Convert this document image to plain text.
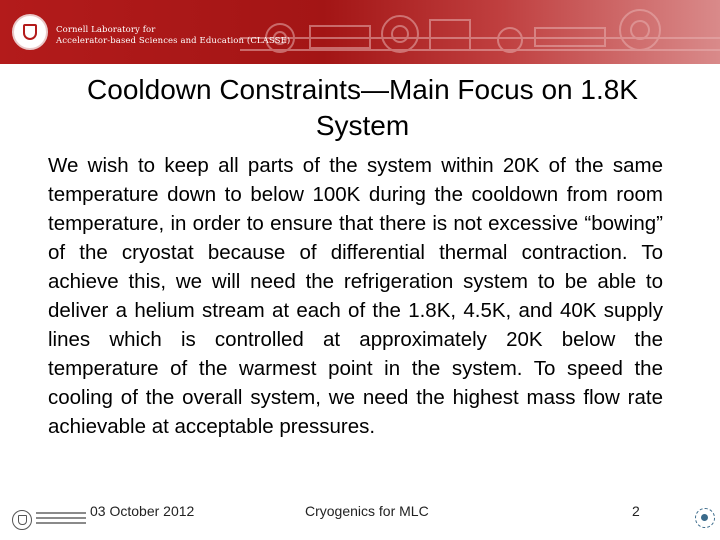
Cornell Laboratory for
Accelerator-based Sciences and Education (CLASSE)
Cooldown Constraints—Main Focus on 1.8K System
We wish to keep all parts of the system within 20K of the same temperature down to below 100K during the cooldown from room temperature, in order to ensure that there is not excessive “bowing” of the cryostat because of differential thermal contraction. To achieve this, we will need the refrigeration system to be able to deliver a helium stream at each of the 1.8K, 4.5K, and 40K supply lines which is controlled at approximately 20K below the temperature of the warmest point in the system. To speed the cooling of the overall system, we need the highest mass flow rate achievable at acceptable pressures.
03 October 2012	Cryogenics for MLC	2
